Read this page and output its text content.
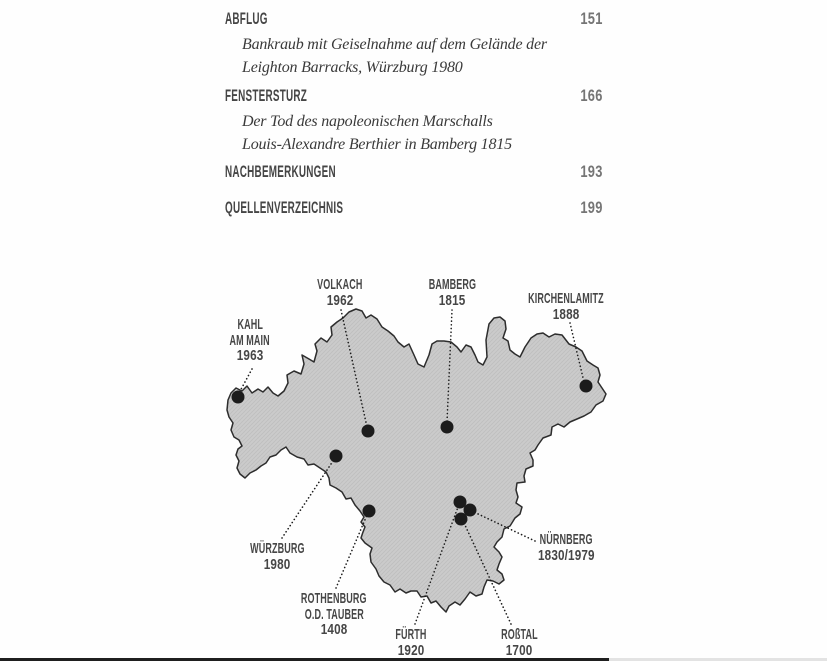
ABFLUG	151
Bankraub mit Geiselnahme auf dem Gelände der
Leighton Barracks, Würzburg 1980
FENSTERSTURZ	166
Der Tod des napoleonischen Marschalls
Louis-Alexandre Berthier in Bamberg 1815
NACHBEMERKUNGEN	193
QUELLENVERZEICHNIS	199
KAHL
AM MAIN
1963
VOLKACH
1962
BAMBERG
1815	KIRCHENLAMITZ
1888
WÜRZBURG
1980
ROTHENBURG
O.D. TAUBER
1408	FÜRTH
1920
ROßTAL
1700
NÜRNBERG
1830/1979
